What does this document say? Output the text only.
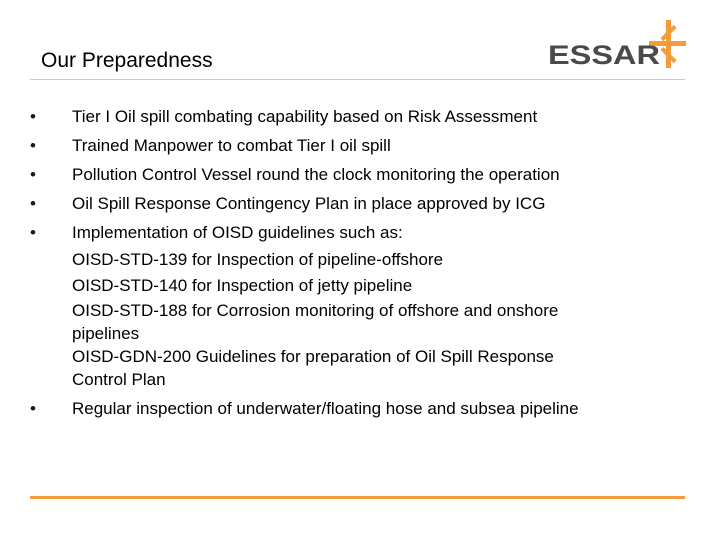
Our Preparedness	ESSAR
•	Tier I Oil spill combating capability based on Risk Assessment
•	Trained Manpower to combat Tier I oil spill
•	Pollution Control Vessel round the clock monitoring the operation
•	Oil Spill Response Contingency Plan in place approved by ICG
•	Implementation of OISD guidelines such as:
OISD-STD-139 for Inspection of pipeline-offshore
OISD-STD-140 for Inspection of jetty pipeline
OISD-STD-188 for Corrosion monitoring of offshore and onshore
pipelines
OISD-GDN-200 Guidelines for preparation of Oil Spill Response
Control Plan
•	Regular inspection of underwater/floating hose and subsea pipeline
